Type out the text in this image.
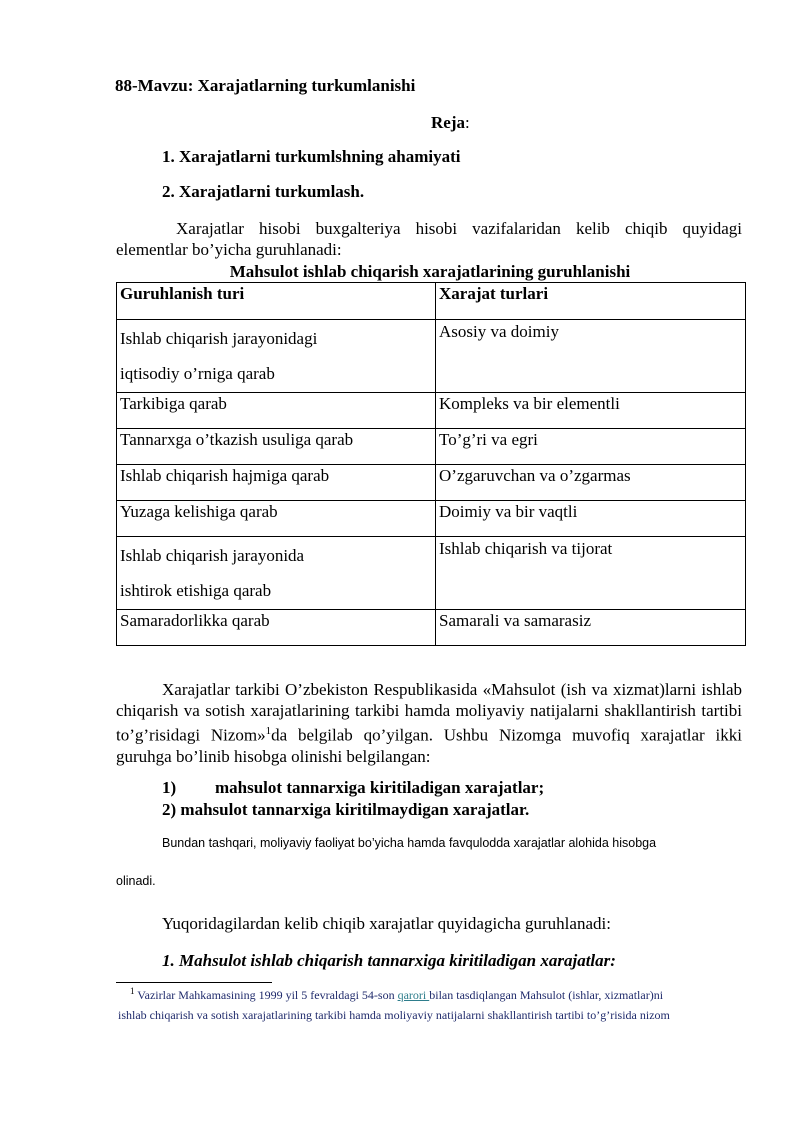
88-Mavzu: Xarajatlarning turkumlanishi
Reja:
1. Xarajatlarni turkumlshning ahamiyati
2. Xarajatlarni turkumlash.
Xarajatlar hisobi buxgalteriya hisobi vazifalaridan kelib chiqib quyidagi elementlar bo’yicha guruhlanadi:
Mahsulot ishlab chiqarish xarajatlarining guruhlanishi
Guruhlanish turi	Xarajat turlari
Ishlab chiqarish jarayonidagi
iqtisodiy o’rniga qarab	Asosiy va doimiy
Tarkibiga qarab	Kompleks va bir elementli
Tannarxga o’tkazish usuliga qarab	To’g’ri va egri
Ishlab chiqarish hajmiga qarab	O’zgaruvchan va o’zgarmas
Yuzaga kelishiga qarab	Doimiy va bir vaqtli
Ishlab chiqarish jarayonida
ishtirok etishiga qarab	Ishlab chiqarish va tijorat
Samaradorlikka qarab	Samarali va samarasiz
Xarajatlar tarkibi O’zbekiston Respublikasida «Mahsulot (ish va xizmat)larni ishlab chiqarish va sotish xarajatlarining tarkibi hamda moliyaviy natijalarni shakllantirish tartibi to’g’risidagi Nizom»$^1$da belgilab qo’yilgan. Ushbu Nizomga muvofiq xarajatlar ikki guruhga bo’linib hisobga olinishi belgilangan:
1) mahsulot tannarxiga kiritiladigan xarajatlar;
2) mahsulot tannarxiga kiritilmaydigan xarajatlar.
Bundan tashqari, moliyaviy faoliyat bo’yicha hamda favqulodda xarajatlar alohida hisobga
olinadi.
Yuqoridagilardan kelib chiqib xarajatlar quyidagicha guruhlanadi:
1. Mahsulot ishlab chiqarish tannarxiga kiritiladigan xarajatlar:
$^1$ Vazirlar Mahkamasining 1999 yil 5 fevraldagi 54-son qarori bilan tasdiqlangan Mahsulot (ishlar, xizmatlar)ni
ishlab chiqarish va sotish xarajatlarining tarkibi hamda moliyaviy natijalarni shakllantirish tartibi to’g’risida nizom
